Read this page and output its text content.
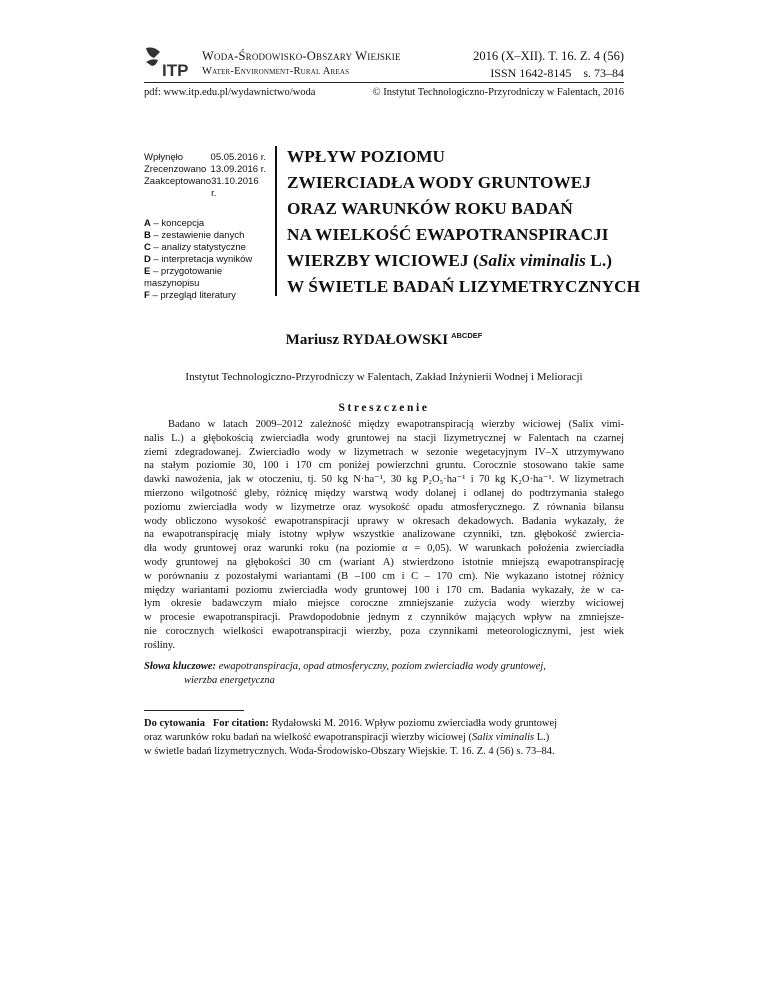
ITP
Woda-Środowisko-Obszary Wiejskie
Water-Environment-Rural Areas
2016 (X–XII). T. 16. Z. 4 (56)
ISSN 1642-8145    s. 73–84
pdf: www.itp.edu.pl/wydawnictwo/woda	© Instytut Technologiczno-Przyrodniczy w Falentach, 2016
Wpłynęło	05.05.2016 r.
Zrecenzowano 13.09.2016 r.
Zaakceptowano 31.10.2016 r.
A – koncepcja
B – zestawienie danych
C – analizy statystyczne
D – interpretacja wyników
E – przygotowanie maszynopisu
F – przegląd literatury
WPŁYW POZIOMU
ZWIERCIADŁA WODY GRUNTOWEJ
ORAZ WARUNKÓW ROKU BADAŃ
NA WIELKOŚĆ EWAPOTRANSPIRACJI
WIERZBY WICIOWEJ (Salix viminalis L.)
W ŚWIETLE BADAŃ LIZYMETRYCZNYCH
Mariusz RYDAŁOWSKI $^{ABCDEF}$
Instytut Technologiczno-Przyrodniczy w Falentach, Zakład Inżynierii Wodnej i Melioracji
Streszczenie
Badano w latach 2009–2012 zależność między ewapotranspiracją wierzby wiciowej (Salix vimi-
nalis L.) a głębokością zwierciadła wody gruntowej na stacji lizymetrycznej w Falentach na czarnej
ziemi zdegradowanej. Zwierciadło wody w lizymetrach w sezonie wegetacyjnym IV–X utrzymywano
na stałym poziomie 30, 100 i 170 cm poniżej powierzchni gruntu. Corocznie stosowano takie same
dawki nawożenia, jak w otoczeniu, tj. 50 kg N·ha⁻¹, 30 kg P₂O₅·ha⁻¹ i 70 kg K₂O·ha⁻¹. W lizymetrach
mierzono wilgotność gleby, różnicę między warstwą wody dolanej i odlanej do podtrzymania stałego
poziomu zwierciadła wody w lizymetrze oraz wysokość opadu atmosferycznego. Z równania bilansu
wody obliczono wysokość ewapotranspiracji uprawy w okresach dekadowych. Badania wykazały, że
na ewapotranspirację miały istotny wpływ wszystkie analizowane czynniki, tzn. głębokość zwiercia-
dła wody gruntowej oraz warunki roku (na poziomie α = 0,05). W warunkach położenia zwierciadła
wody gruntowej na głębokości 30 cm (wariant A) stwierdzono istotnie mniejszą ewapotranspirację
w porównaniu z pozostałymi wariantami (B –100 cm i C – 170 cm). Nie wykazano istotnej różnicy
między wariantami poziomu zwierciadła wody gruntowej 100 i 170 cm. Badania wykazały, że w ca-
łym okresie badawczym miało miejsce coroczne zmniejszanie zużycia wody wierzby wiciowej
w procesie ewapotranspiracji. Prawdopodobnie jednym z czynników mających wpływ na zmniejsze-
nie corocznych wielkości ewapotranspiracji wierzby, poza czynnikami meteorologicznymi, jest wiek
rośliny.
Słowa kluczowe: ewapotranspiracja, opad atmosferyczny, poziom zwierciadła wody gruntowej,
wierzba energetyczna
Do cytowania For citation: Rydałowski M. 2016. Wpływ poziomu zwierciadła wody gruntowej
oraz warunków roku badań na wielkość ewapotranspiracji wierzby wiciowej (Salix viminalis L.)
w świetle badań lizymetrycznych. Woda-Środowisko-Obszary Wiejskie. T. 16. Z. 4 (56) s. 73–84.
